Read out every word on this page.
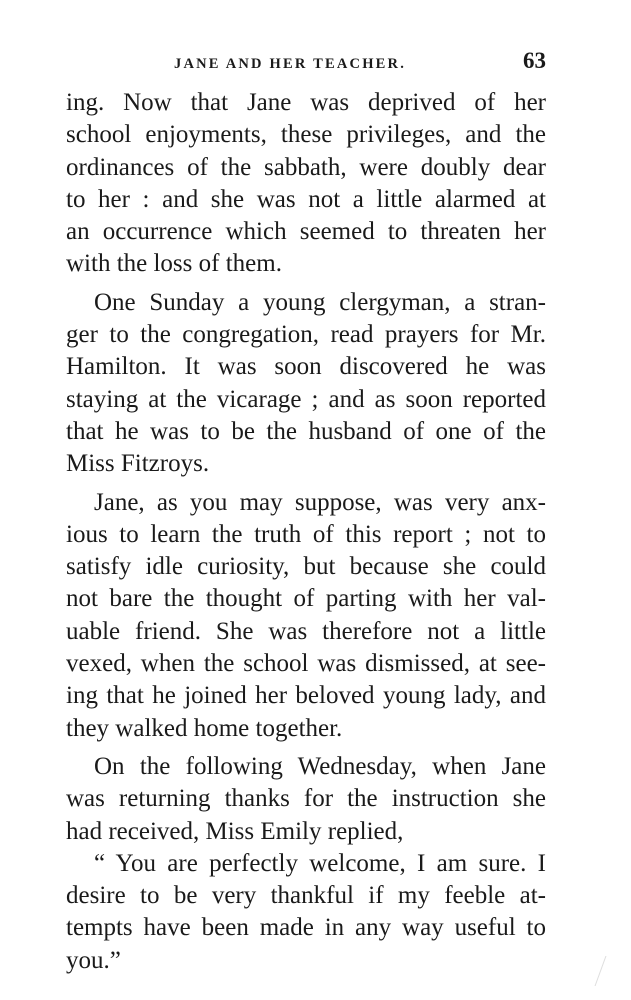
JANE AND HER TEACHER.	63
ing. Now that Jane was deprived of her
school enjoyments, these privileges, and the
ordinances of the sabbath, were doubly dear
to her : and she was not a little alarmed at
an occurrence which seemed to threaten her
with the loss of them.
One Sunday a young clergyman, a stran-
ger to the congregation, read prayers for Mr.
Hamilton. It was soon discovered he was
staying at the vicarage ; and as soon reported
that he was to be the husband of one of the
Miss Fitzroys.
Jane, as you may suppose, was very anx-
ious to learn the truth of this report ; not to
satisfy idle curiosity, but because she could
not bare the thought of parting with her val-
uable friend. She was therefore not a little
vexed, when the school was dismissed, at see-
ing that he joined her beloved young lady, and
they walked home together.
On the following Wednesday, when Jane
was returning thanks for the instruction she
had received, Miss Emily replied,
“ You are perfectly welcome, I am sure. I
desire to be very thankful if my feeble at-
tempts have been made in any way useful to
you.”
